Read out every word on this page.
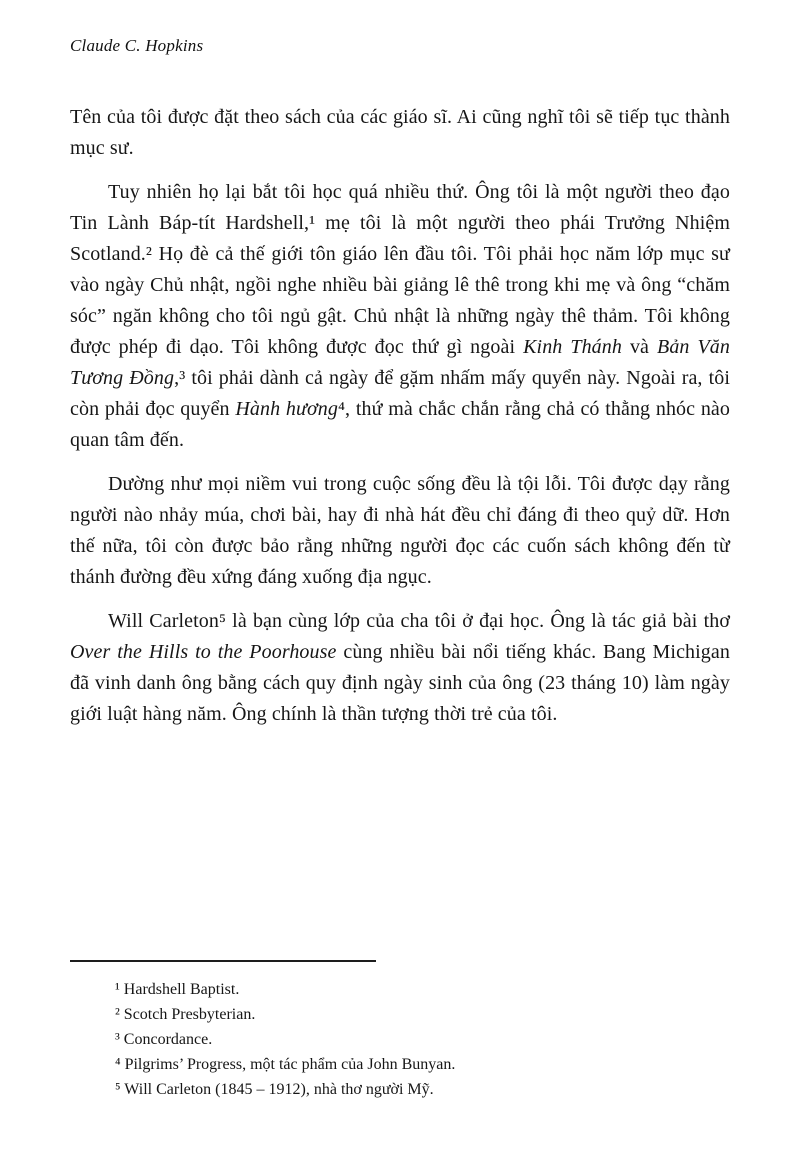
Claude C. Hopkins

Tên của tôi được đặt theo sách của các giáo sĩ. Ai cũng nghĩ tôi sẽ tiếp tục thành mục sư.

Tuy nhiên họ lại bắt tôi học quá nhiều thứ. Ông tôi là một người theo đạo Tin Lành Báp-tít Hardshell,¹ mẹ tôi là một người theo phái Trưởng Nhiệm Scotland.² Họ đè cả thế giới tôn giáo lên đầu tôi. Tôi phải học năm lớp mục sư vào ngày Chủ nhật, ngồi nghe nhiều bài giảng lê thê trong khi mẹ và ông “chăm sóc” ngăn không cho tôi ngủ gật. Chủ nhật là những ngày thê thảm. Tôi không được phép đi dạo. Tôi không được đọc thứ gì ngoài Kinh Thánh và Bản Văn Tương Đồng,³ tôi phải dành cả ngày để gặm nhấm mấy quyển này. Ngoài ra, tôi còn phải đọc quyển Hành hương⁴, thứ mà chắc chắn rằng chả có thằng nhóc nào quan tâm đến.

Dường như mọi niềm vui trong cuộc sống đều là tội lỗi. Tôi được dạy rằng người nào nhảy múa, chơi bài, hay đi nhà hát đều chỉ đáng đi theo quỷ dữ. Hơn thế nữa, tôi còn được bảo rằng những người đọc các cuốn sách không đến từ thánh đường đều xứng đáng xuống địa ngục.

Will Carleton⁵ là bạn cùng lớp của cha tôi ở đại học. Ông là tác giả bài thơ Over the Hills to the Poorhouse cùng nhiều bài nổi tiếng khác. Bang Michigan đã vinh danh ông bằng cách quy định ngày sinh của ông (23 tháng 10) làm ngày giới luật hàng năm. Ông chính là thần tượng thời trẻ của tôi.

¹ Hardshell Baptist.
² Scotch Presbyterian.
³ Concordance.
⁴ Pilgrims’ Progress, một tác phẩm của John Bunyan.
⁵ Will Carleton (1845 – 1912), nhà thơ người Mỹ.
